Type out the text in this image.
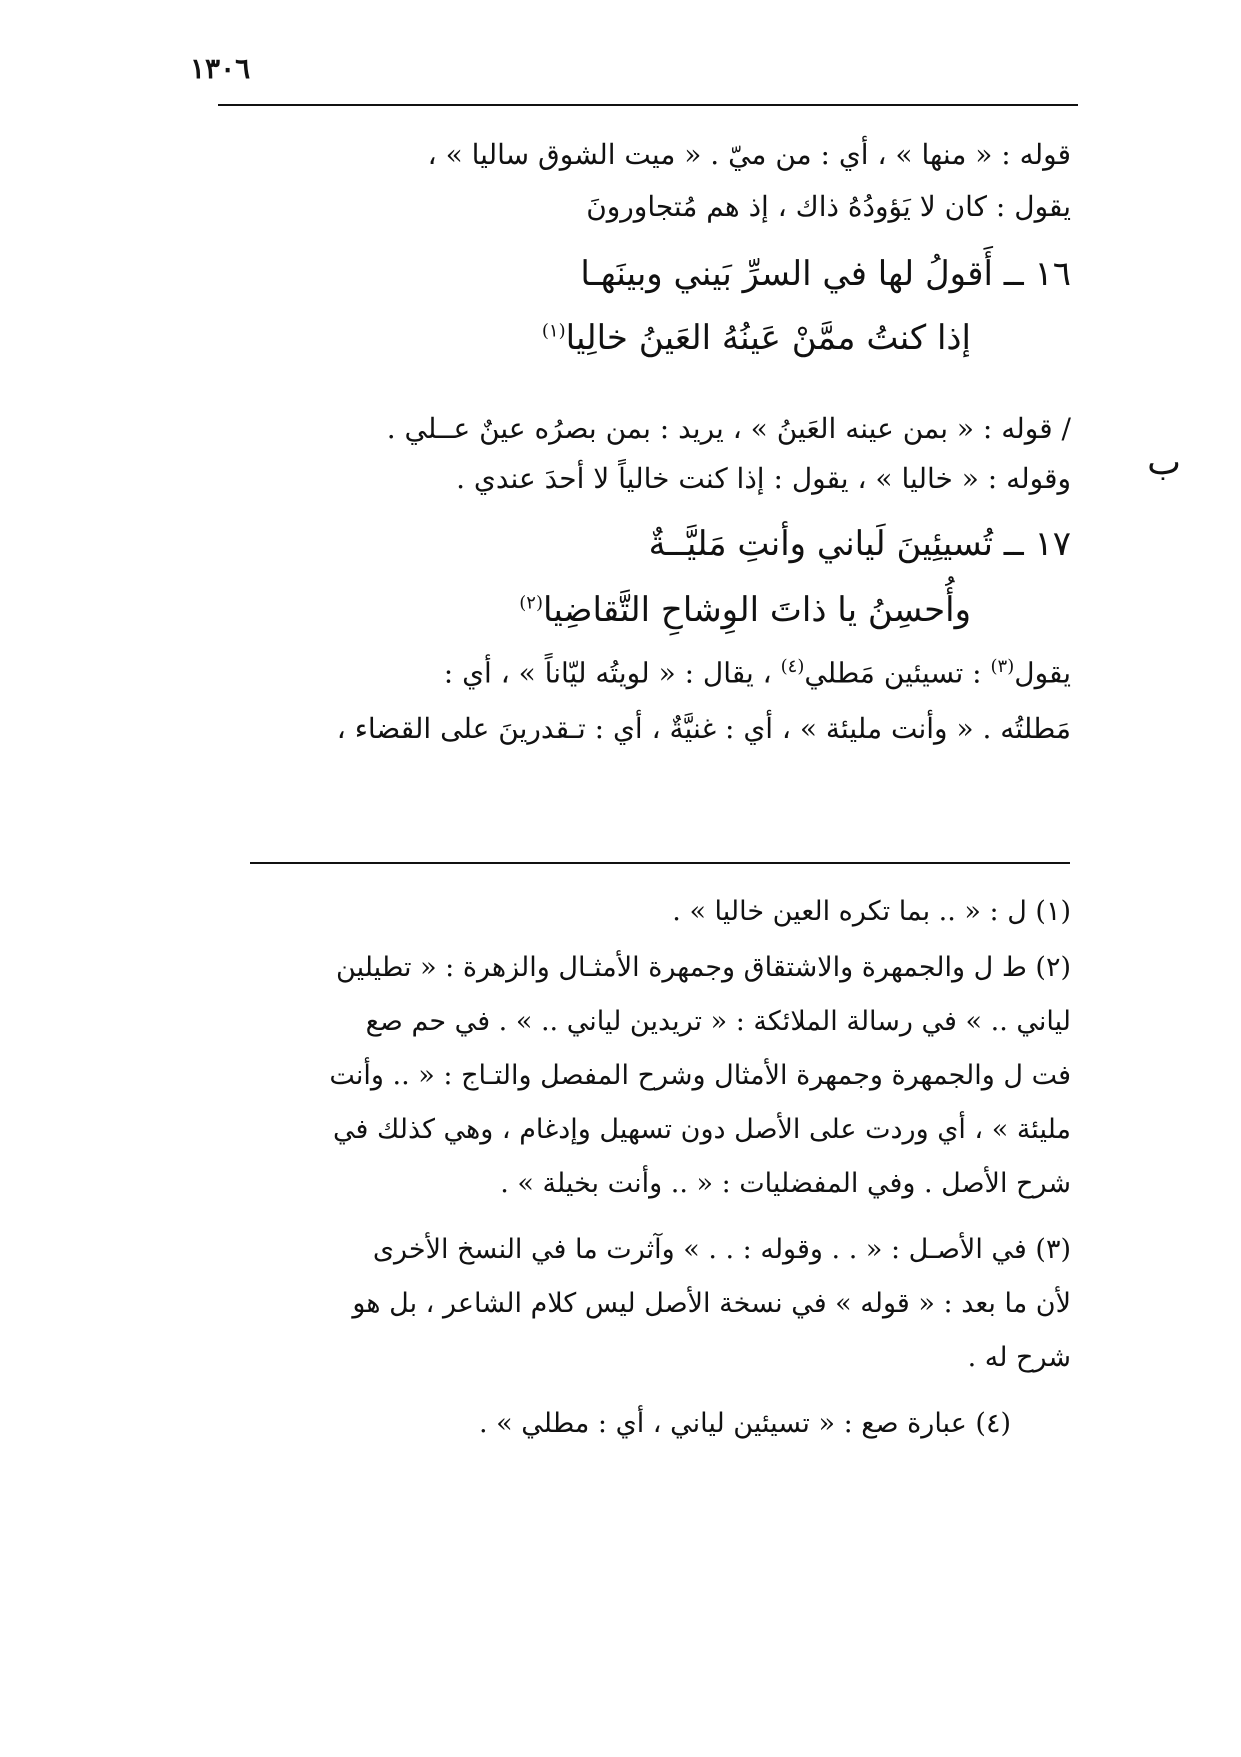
١٣٠٦
ب
قوله : « منها » ، أي : من ميّ . « ميت الشوق ساليا » ،
يقول : كان لا يَؤودُهُ ذاك ، إذ هم مُتجاورونَ
١٦ ــ أَقولُ لها في السرِّ بَيني وبينَهـا
إذا كنتُ ممَّنْ عَينُهُ العَينُ خالِيا$^{(١)}$
/ قوله : « بمن عينه العَينُ » ، يريد : بمن بصرُه عينٌ عــلي .
وقوله : « خاليا » ، يقول : إذا كنت خالياً لا أحدَ عندي .
١٧ ــ تُسيئِينَ لَياني وأنتِ مَليَّــةٌ
وأُحسِنُ يا ذاتَ الوِشاحِ التَّقاضِيا$^{(٢)}$
يقول$^{(٣)}$ : تسيئين مَطلي$^{(٤)}$ ، يقال : « لويتُه ليّاناً » ، أي :
مَطلتُه . « وأنت مليئة » ، أي : غنيَّةٌ ، أي : تـقدرينَ على القضاء ،
(١) ل : « .. بما تكره العين خاليا » .
(٢) ط ل والجمهرة والاشتقاق وجمهرة الأمثـال والزهرة : « تطيلين
لياني .. » في رسالة الملائكة : « تريدين لياني .. » . في حم صع
فت ل والجمهرة وجمهرة الأمثال وشرح المفصل والتـاج : « .. وأنت
مليئة » ، أي وردت على الأصل دون تسهيل وإدغام ، وهي كذلك في
شرح الأصل . وفي المفضليات : « .. وأنت بخيلة » .
(٣) في الأصـل : « . . وقوله : . . » وآثرت ما في النسخ الأخرى
لأن ما بعد : « قوله » في نسخة الأصل ليس كلام الشاعر ، بل هو
شرح له .
(٤) عبارة صع : « تسيئين لياني ، أي : مطلي » .
